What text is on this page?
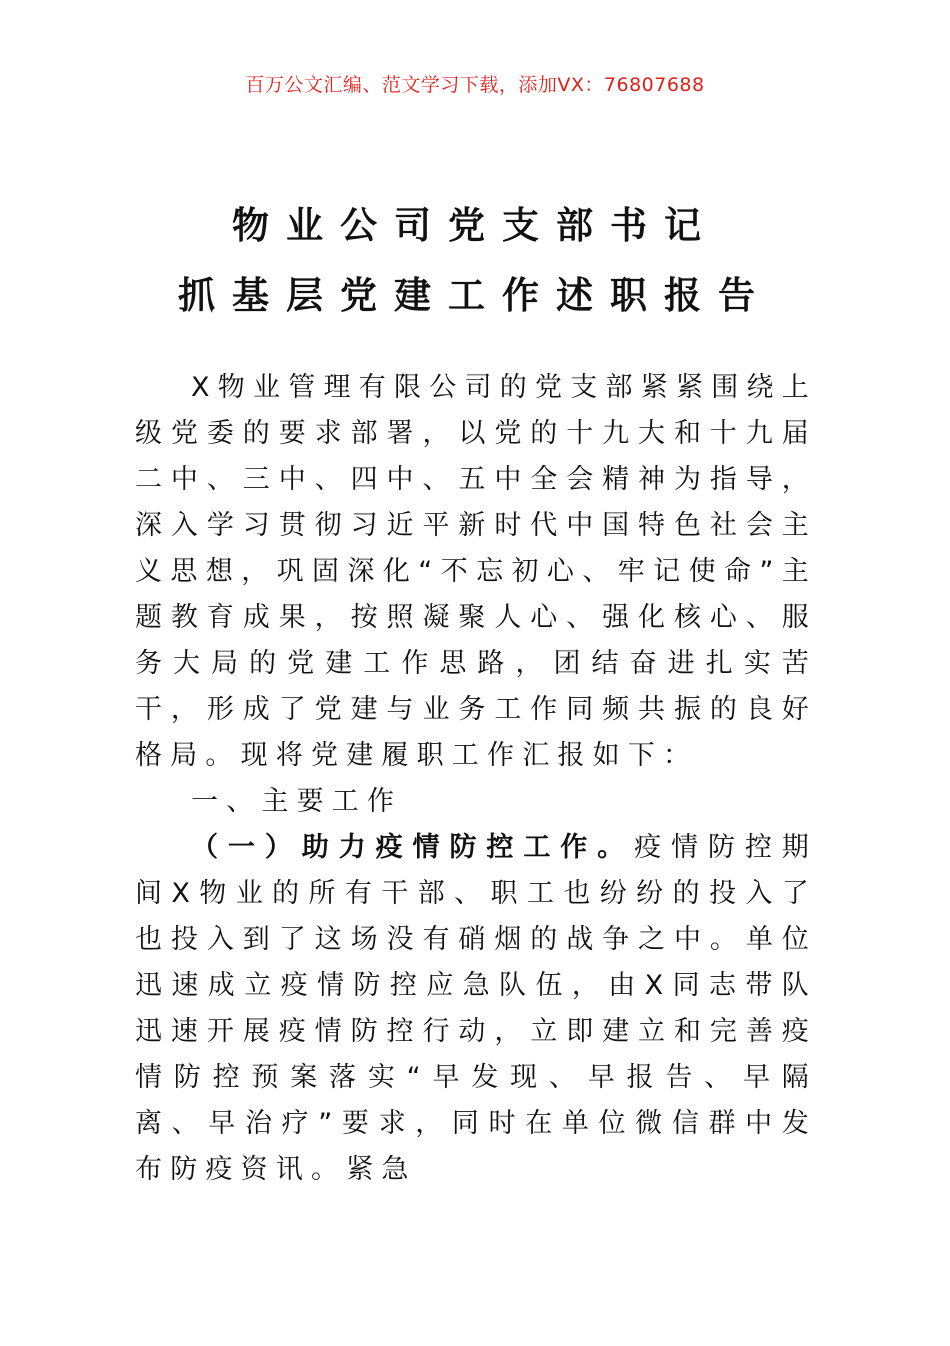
百万公文汇编、范文学习下载，添加VX：76807688
物业公司党支部书记
抓基层党建工作述职报告

X物业管理有限公司的党支部紧紧围绕上级党委的要求部署，以党的十九大和十九届二中、三中、四中、五中全会精神为指导，深入学习贯彻习近平新时代中国特色社会主义思想，巩固深化“不忘初心、牢记使命”主题教育成果，按照凝聚人心、强化核心、服务大局的党建工作思路，团结奋进扎实苦干，形成了党建与业务工作同频共振的良好格局。现将党建履职工作汇报如下：

一、主要工作

（一）助力疫情防控工作。疫情防控期间X物业的所有干部、职工也纷纷的投入了也投入到了这场没有硝烟的战争之中。单位迅速成立疫情防控应急队伍，由X同志带队迅速开展疫情防控行动，立即建立和完善疫情防控预案落实“早发现、早报告、早隔离、早治疗”要求，同时在单位微信群中发布防疫资讯。紧急
